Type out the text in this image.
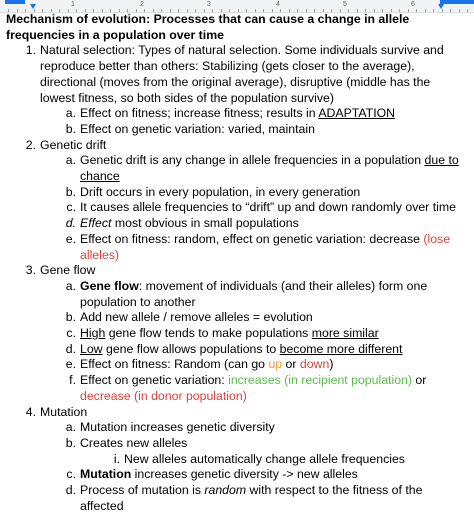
1	2	3	4	5	6
Mechanism of evolution: Processes that can cause a change in allele frequencies in a population over time
1. Natural selection: Types of natural selection. Some individuals survive and reproduce better than others: Stabilizing (gets closer to the average), directional (moves from the original average), disruptive (middle has the lowest fitness, so both sides of the population survive)
a. Effect on fitness; increase fitness; results in ADAPTATION
b. Effect on genetic variation: varied, maintain
2. Genetic drift
a. Genetic drift is any change in allele frequencies in a population due to chance
b. Drift occurs in every population, in every generation
c. It causes allele frequencies to “drift” up and down randomly over time
d. Effect most obvious in small populations
e. Effect on fitness: random, effect on genetic variation: decrease (lose alleles)
3. Gene flow
a. Gene flow: movement of individuals (and their alleles) form one population to another
b. Add new allele / remove alleles = evolution
c. High gene flow tends to make populations more similar
d. Low gene flow allows populations to become more different
e. Effect on fitness: Random (can go up or down)
f. Effect on genetic variation: increases (in recipient population) or decrease (in donor population)
4. Mutation
a. Mutation increases genetic diversity
b. Creates new alleles
i. New alleles automatically change allele frequencies
c. Mutation increases genetic diversity -> new alleles
d. Process of mutation is random with respect to the fitness of the affected
